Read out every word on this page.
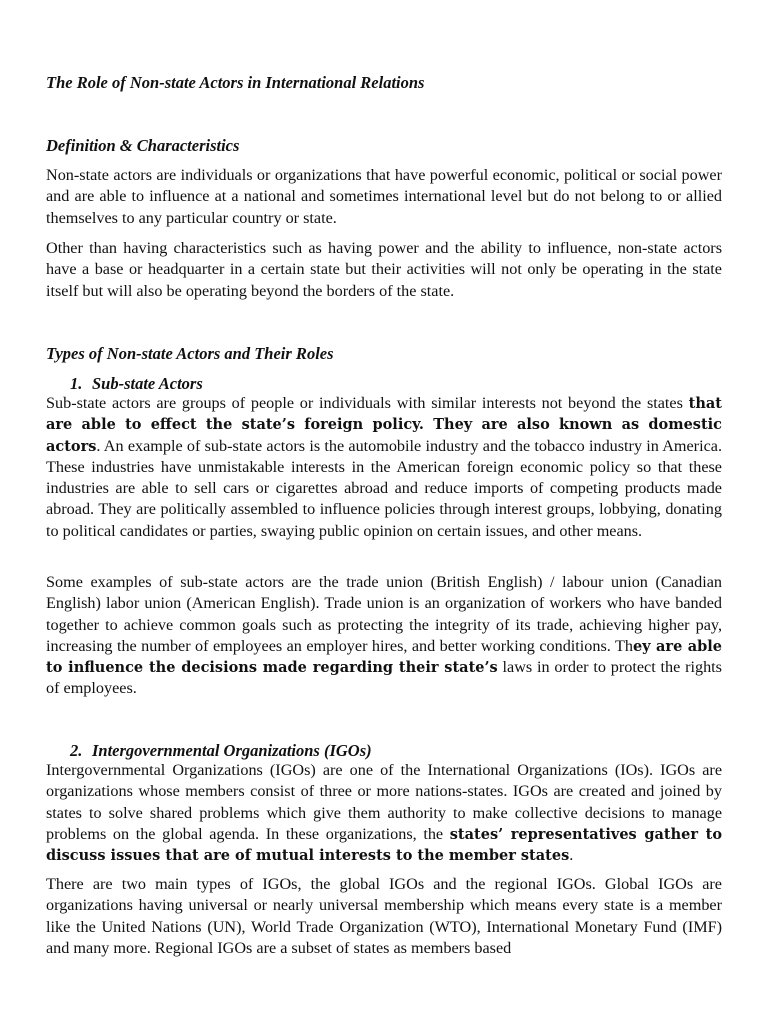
The Role of Non-state Actors in International Relations
Definition & Characteristics

Non-state actors are individuals or organizations that have powerful economic, political or social power and are able to influence at a national and sometimes international level but do not belong to or allied themselves to any particular country or state.

Other than having characteristics such as having power and the ability to influence, non-state actors have a base or headquarter in a certain state but their activities will not only be operating in the state itself but will also be operating beyond the borders of the state.

Types of Non-state Actors and Their Roles
1. Sub-state Actors

Sub-state actors are groups of people or individuals with similar interests not beyond the states that are able to effect the state’s foreign policy. They are also known as domestic actors. An example of sub-state actors is the automobile industry and the tobacco industry in America. These industries have unmistakable interests in the American foreign economic policy so that these industries are able to sell cars or cigarettes abroad and reduce imports of competing products made abroad. They are politically assembled to influence policies through interest groups, lobbying, donating to political candidates or parties, swaying public opinion on certain issues, and other means.

Some examples of sub-state actors are the trade union (British English) / labour union (Canadian English) labor union (American English). Trade union is an organization of workers who have banded together to achieve common goals such as protecting the integrity of its trade, achieving higher pay, increasing the number of employees an employer hires, and better working conditions. They are able to influence the decisions made regarding their state’s laws in order to protect the rights of employees.

2. Intergovernmental Organizations (IGOs)

Intergovernmental Organizations (IGOs) are one of the International Organizations (IOs). IGOs are organizations whose members consist of three or more nations-states. IGOs are created and joined by states to solve shared problems which give them authority to make collective decisions to manage problems on the global agenda. In these organizations, the states’ representatives gather to discuss issues that are of mutual interests to the member states.

There are two main types of IGOs, the global IGOs and the regional IGOs. Global IGOs are organizations having universal or nearly universal membership which means every state is a member like the United Nations (UN), World Trade Organization (WTO), International Monetary Fund (IMF) and many more. Regional IGOs are a subset of states as members based
